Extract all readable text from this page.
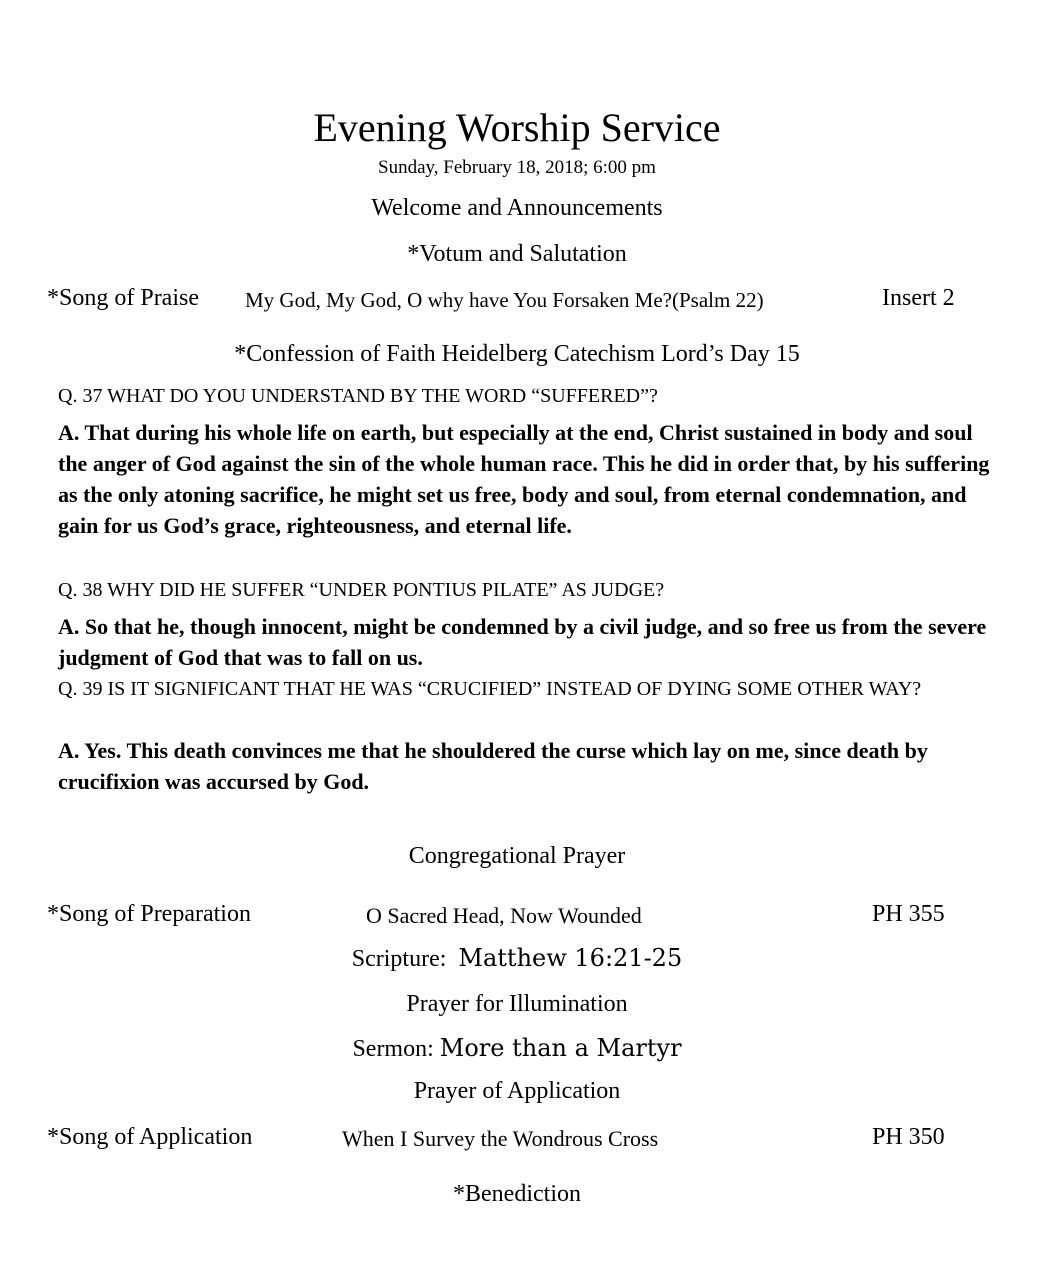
Evening Worship Service
Sunday, February 18, 2018; 6:00 pm
Welcome and Announcements
*Votum and Salutation
*Song of Praise My God, My God, O why have You Forsaken Me?(Psalm 22)	Insert 2
*Confession of Faith Heidelberg Catechism Lord’s Day 15
Q. 37 WHAT DO YOU UNDERSTAND BY THE WORD “SUFFERED”?
A. That during his whole life on earth, but especially at the end, Christ sustained in body and soul the anger of God against the sin of the whole human race. This he did in order that, by his suffering as the only atoning sacrifice, he might set us free, body and soul, from eternal condemnation, and gain for us God’s grace, righteousness, and eternal life.
Q. 38 WHY DID HE SUFFER “UNDER PONTIUS PILATE” AS JUDGE?
A. So that he, though innocent, might be condemned by a civil judge, and so free us from the severe judgment of God that was to fall on us.
Q. 39 IS IT SIGNIFICANT THAT HE WAS “CRUCIFIED” INSTEAD OF DYING SOME OTHER WAY?
A. Yes. This death convinces me that he shouldered the curse which lay on me, since death by crucifixion was accursed by God.
Congregational Prayer
*Song of Preparation	O Sacred Head, Now Wounded	PH 355
Scripture: Matthew 16:21-25
Prayer for Illumination
Sermon: More than a Martyr
Prayer of Application
*Song of Application	When I Survey the Wondrous Cross	PH 350
*Benediction
